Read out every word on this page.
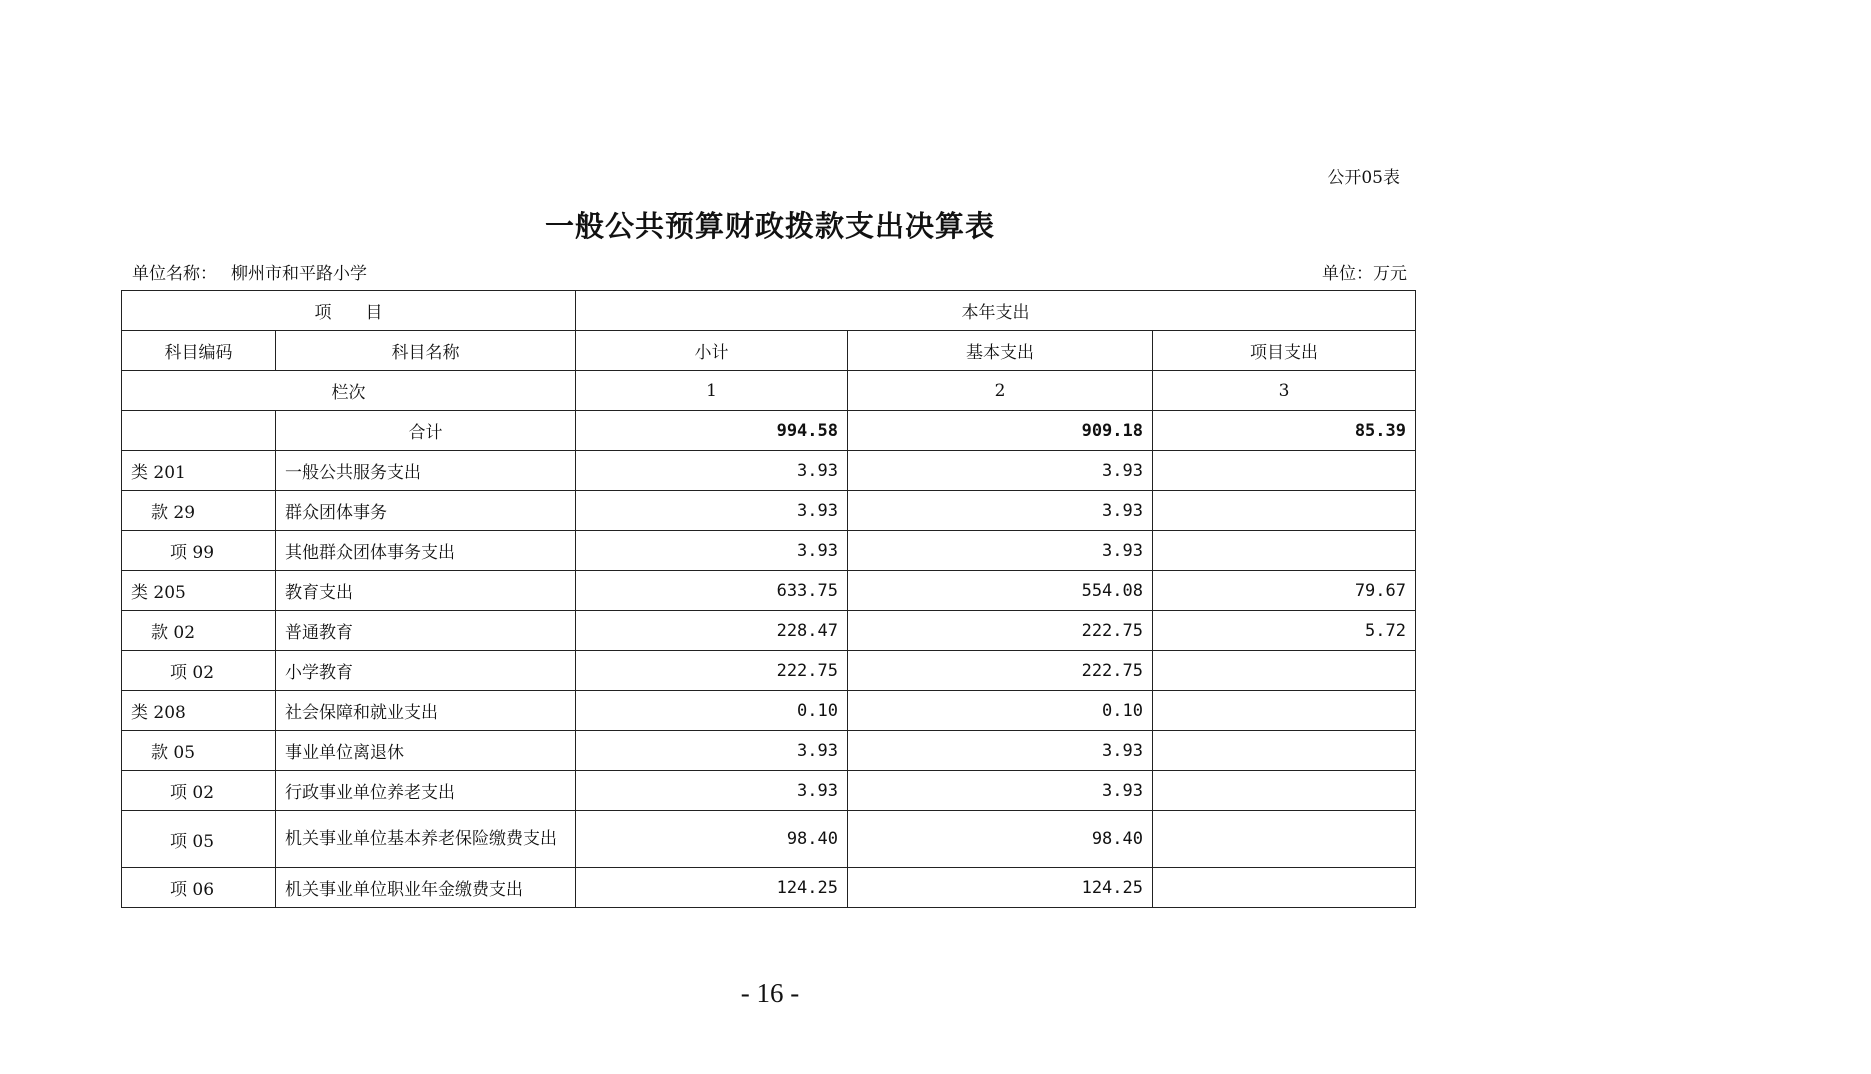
公开05表
一般公共预算财政拨款支出决算表
单位名称： 柳州市和平路小学	单位：万元
项　　目		本年支出		
科目编码	科目名称	小计	基本支出	项目支出
栏次		1	2	3
	合计	994.58	909.18	85.39
类 201	一般公共服务支出	3.93	3.93	
款 29	群众团体事务	3.93	3.93	
项 99	其他群众团体事务支出	3.93	3.93	
类 205	教育支出	633.75	554.08	79.67
款 02	普通教育	228.47	222.75	5.72
项 02	小学教育	222.75	222.75	
类 208	社会保障和就业支出	0.10	0.10	
款 05	事业单位离退休	3.93	3.93	
项 02	行政事业单位养老支出	3.93	3.93	
项 05	机关事业单位基本养老保险缴费支出	98.40	98.40	
项 06	机关事业单位职业年金缴费支出	124.25	124.25	
- 16 -
